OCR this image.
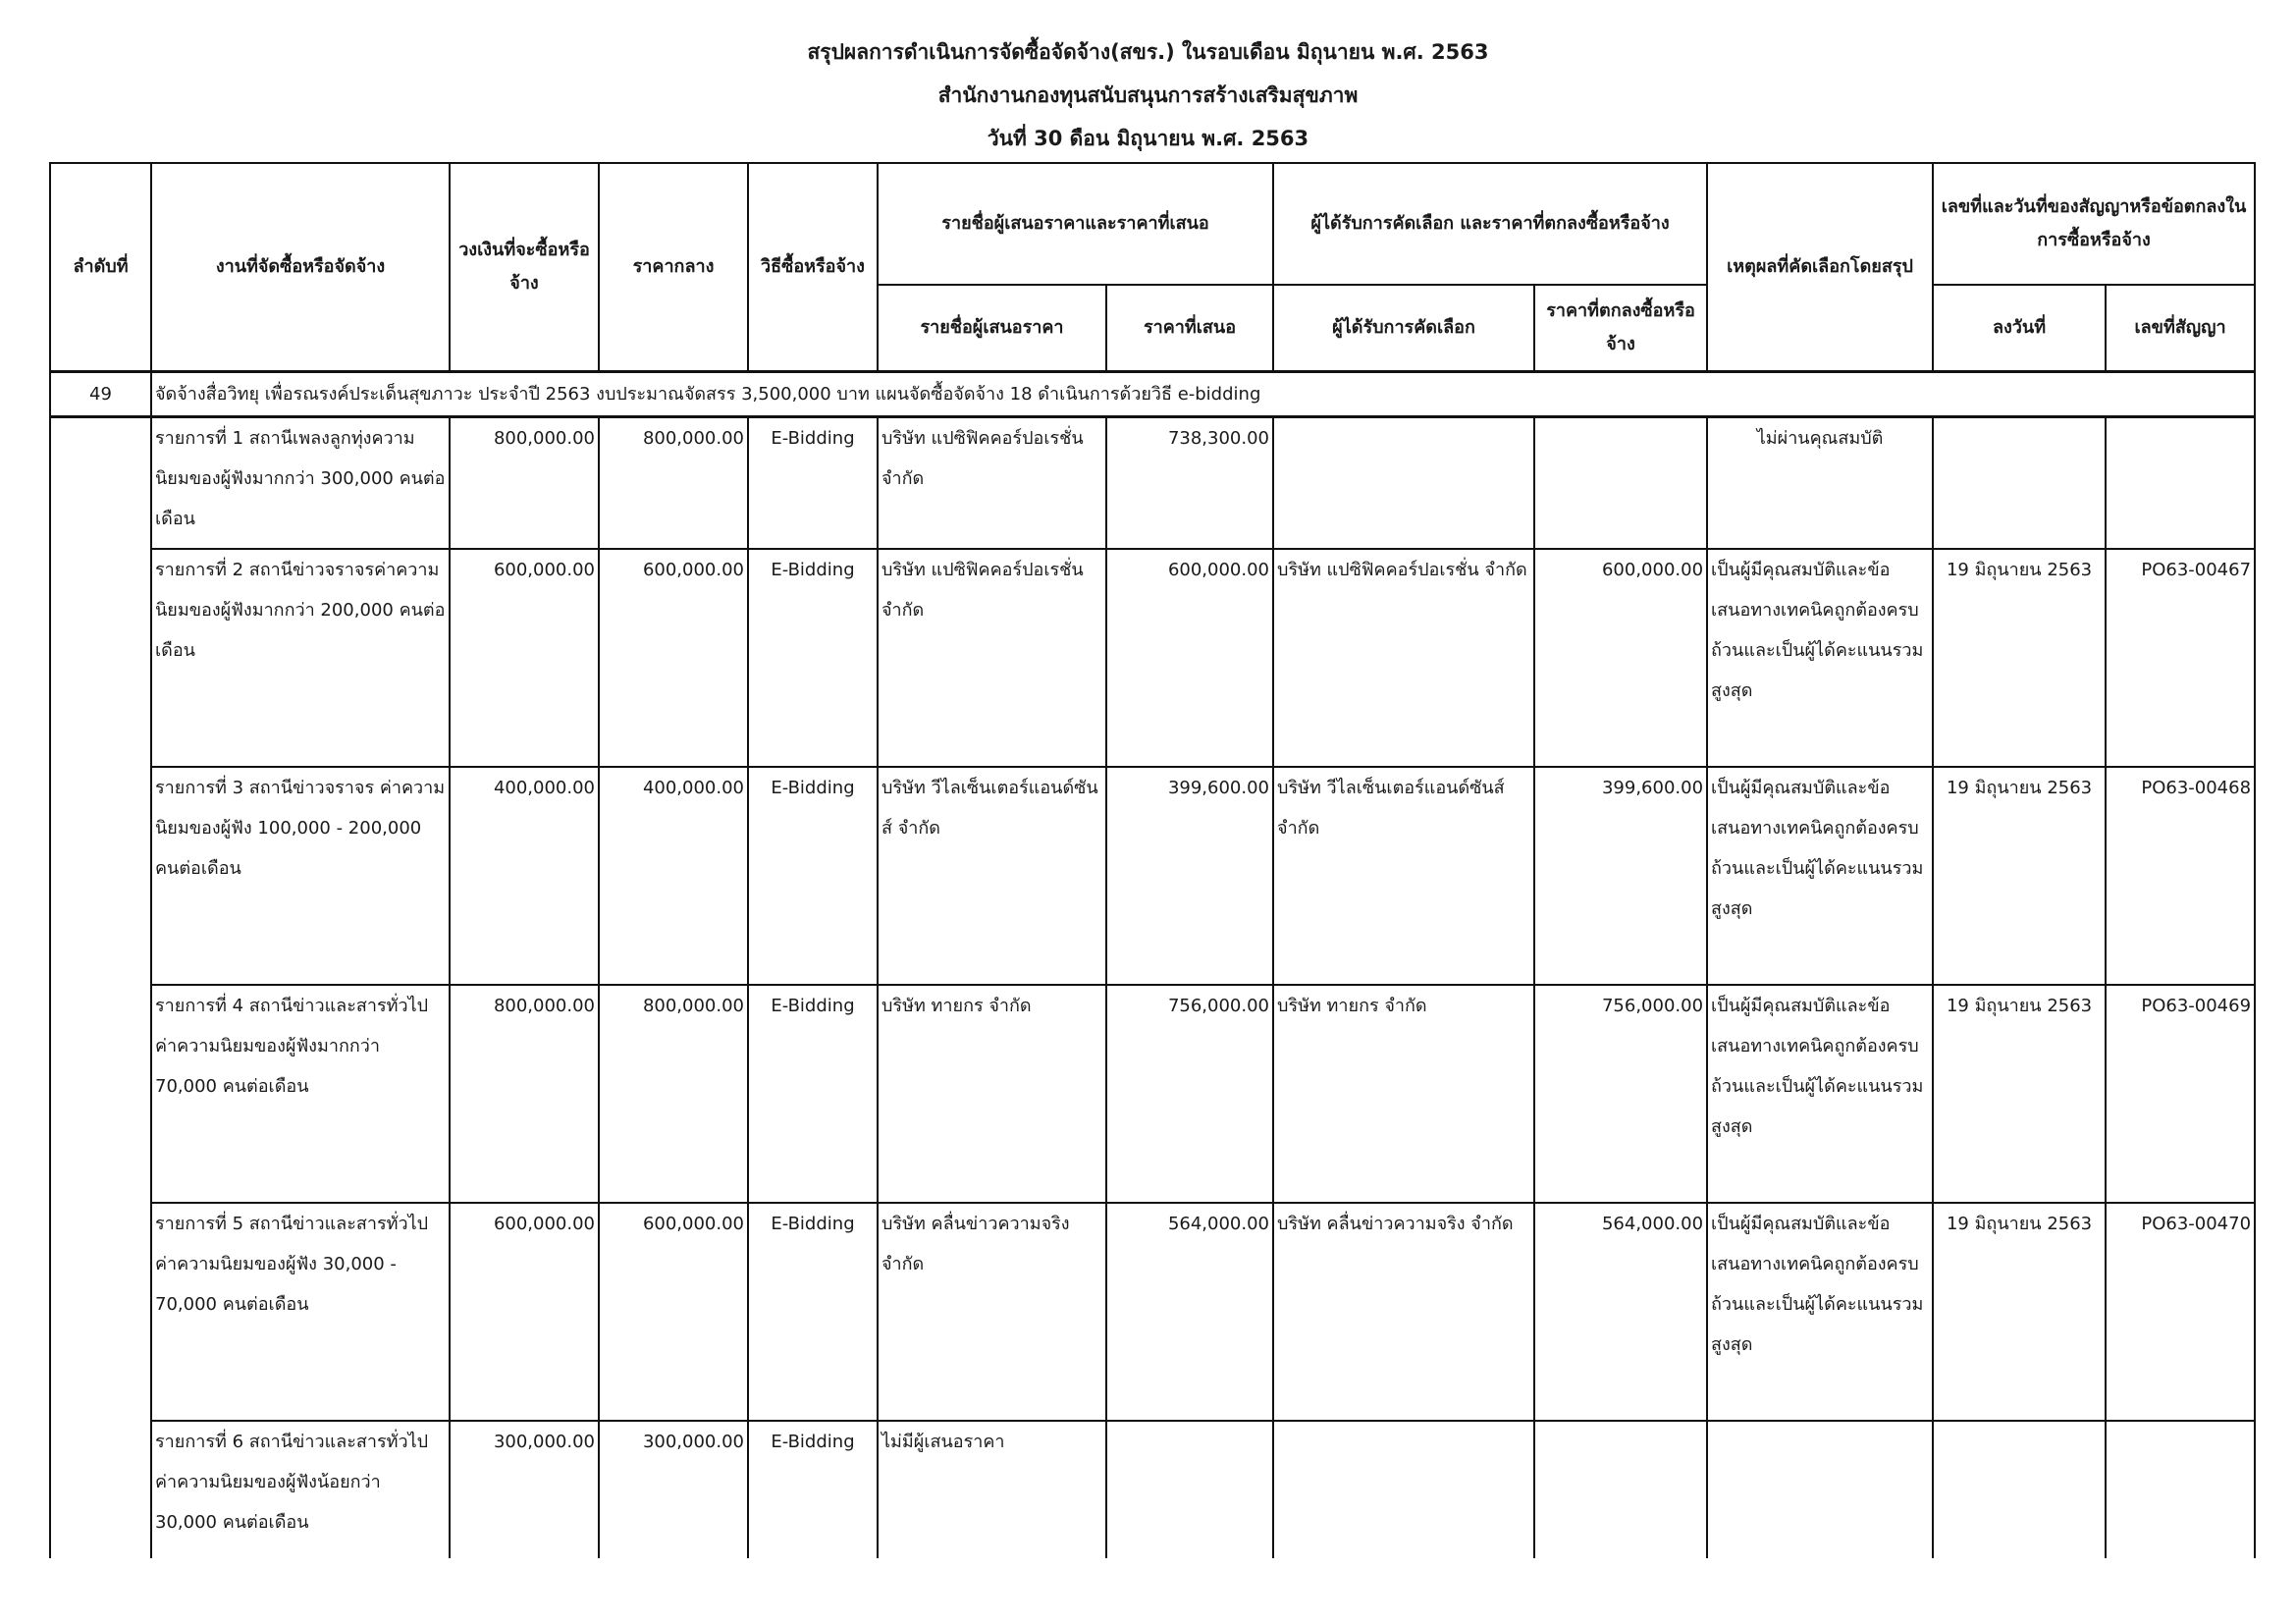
สรุปผลการดำเนินการจัดซื้อจัดจ้าง(สขร.) ในรอบเดือน มิถุนายน พ.ศ. 2563
สำนักงานกองทุนสนับสนุนการสร้างเสริมสุขภาพ
วันที่ 30 ดือน มิถุนายน พ.ศ. 2563
ลำดับที่	งานที่จัดซื้อหรือจัดจ้าง	วงเงินที่จะซื้อหรือจ้าง	ราคากลาง	วิธีซื้อหรือจ้าง	รายชื่อผู้เสนอราคาและราคาที่เสนอ		ผู้ได้รับการคัดเลือก และราคาที่ตกลงซื้อหรือจ้าง		เหตุผลที่คัดเลือกโดยสรุป	เลขที่และวันที่ของสัญญาหรือข้อตกลงในการซื้อหรือจ้าง	
					รายชื่อผู้เสนอราคา	ราคาที่เสนอ	ผู้ได้รับการคัดเลือก	ราคาที่ตกลงซื้อหรือจ้าง		ลงวันที่	เลขที่สัญญา
49	จัดจ้างสื่อวิทยุ เพื่อรณรงค์ประเด็นสุขภาวะ ประจำปี 2563 งบประมาณจัดสรร 3,500,000 บาท แผนจัดซื้อจัดจ้าง 18 ดำเนินการด้วยวิธี e-bidding										
	รายการที่ 1 สถานีเพลงลูกทุ่งความนิยมของผู้ฟังมากกว่า 300,000 คนต่อเดือน	800,000.00	800,000.00	E-Bidding	บริษัท แปซิฟิคคอร์ปอเรชั่น จำกัด	738,300.00			ไม่ผ่านคุณสมบัติ		
	รายการที่ 2 สถานีข่าวจราจรค่าความนิยมของผู้ฟังมากกว่า 200,000 คนต่อเดือน	600,000.00	600,000.00	E-Bidding	บริษัท แปซิฟิคคอร์ปอเรชั่น จำกัด	600,000.00	บริษัท แปซิฟิคคอร์ปอเรชั่น จำกัด	600,000.00	เป็นผู้มีคุณสมบัติและข้อเสนอทางเทคนิคถูกต้องครบถ้วนและเป็นผู้ได้คะแนนรวมสูงสุด	19 มิถุนายน 2563	PO63-00467
	รายการที่ 3 สถานีข่าวจราจร ค่าความนิยมของผู้ฟัง 100,000 - 200,000 คนต่อเดือน	400,000.00	400,000.00	E-Bidding	บริษัท วีไลเซ็นเตอร์แอนด์ซันส์ จำกัด	399,600.00	บริษัท วีไลเซ็นเตอร์แอนด์ซันส์ จำกัด	399,600.00	เป็นผู้มีคุณสมบัติและข้อเสนอทางเทคนิคถูกต้องครบถ้วนและเป็นผู้ได้คะแนนรวมสูงสุด	19 มิถุนายน 2563	PO63-00468
	รายการที่ 4 สถานีข่าวและสารทั่วไปค่าความนิยมของผู้ฟังมากกว่า 70,000 คนต่อเดือน	800,000.00	800,000.00	E-Bidding	บริษัท ทายกร จำกัด	756,000.00	บริษัท ทายกร จำกัด	756,000.00	เป็นผู้มีคุณสมบัติและข้อเสนอทางเทคนิคถูกต้องครบถ้วนและเป็นผู้ได้คะแนนรวมสูงสุด	19 มิถุนายน 2563	PO63-00469
	รายการที่ 5 สถานีข่าวและสารทั่วไปค่าความนิยมของผู้ฟัง 30,000 - 70,000 คนต่อเดือน	600,000.00	600,000.00	E-Bidding	บริษัท คลื่นข่าวความจริง จำกัด	564,000.00	บริษัท คลื่นข่าวความจริง จำกัด	564,000.00	เป็นผู้มีคุณสมบัติและข้อเสนอทางเทคนิคถูกต้องครบถ้วนและเป็นผู้ได้คะแนนรวมสูงสุด	19 มิถุนายน 2563	PO63-00470
	รายการที่ 6 สถานีข่าวและสารทั่วไปค่าความนิยมของผู้ฟังน้อยกว่า 30,000 คนต่อเดือน	300,000.00	300,000.00	E-Bidding	ไม่มีผู้เสนอราคา						
